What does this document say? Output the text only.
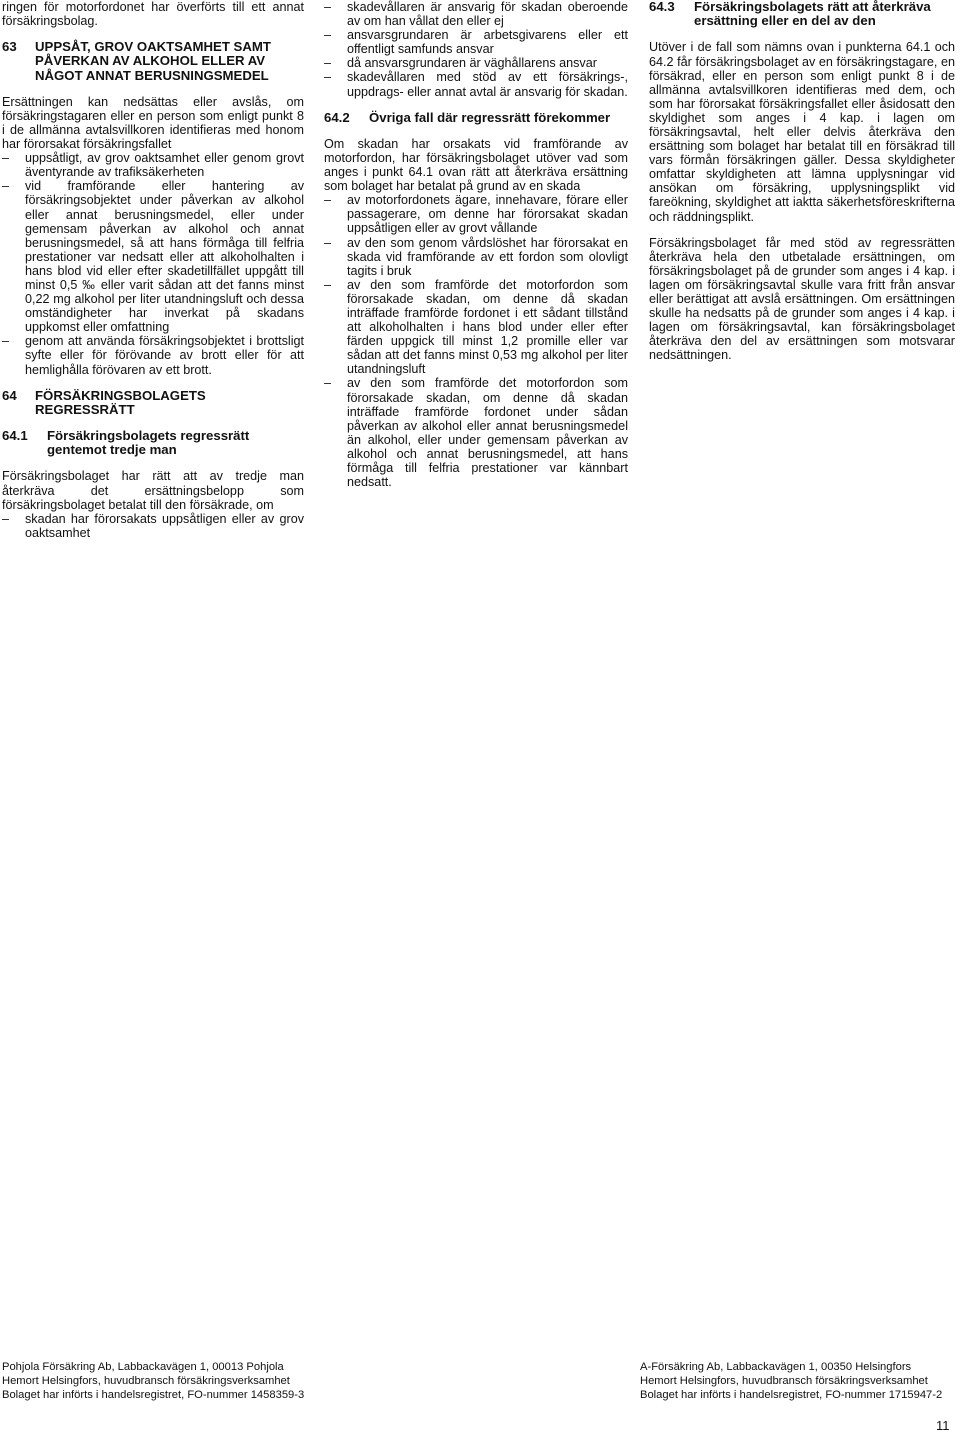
ringen för motorfordonet har överförts till ett annat försäkringsbolag.

63	UPPSÅT, GROV OAKTSAMHET SAMT PÅVERKAN AV ALKOHOL ELLER AV NÅGOT ANNAT BERUSNINGSMEDEL

Ersättningen kan nedsättas eller avslås, om försäkringstagaren eller en person som enligt punkt 8 i de allmänna avtalsvillkoren identifieras med honom har förorsakat försäkringsfallet

– uppsåtligt, av grov oaktsamhet eller genom grovt äventyrande av trafiksäkerheten
– vid framförande eller hantering av försäkringsobjektet under påverkan av alkohol eller annat berusningsmedel, eller under gemensam påverkan av alkohol och annat berusningsmedel, så att hans förmåga till felfria prestationer var nedsatt eller att alkoholhalten i hans blod vid eller efter skadetillfället uppgått till minst 0,5 ‰ eller varit sådan att det fanns minst 0,22 mg alkohol per liter utandningsluft och dessa omständigheter har inverkat på skadans uppkomst eller omfattning
– genom att använda försäkringsobjektet i brottsligt syfte eller för förövande av brott eller för att hemlighålla förövaren av ett brott.
64	FÖRSÄKRINGSBOLAGETS REGRESSRÄTT
64.1	Försäkringsbolagets regressrätt gentemot tredje man

Försäkringsbolaget har rätt att av tredje man återkräva det ersättningsbelopp som försäkringsbolaget betalat till den försäkrade, om

– skadan har förorsakats uppsåtligen eller av grov oaktsamhet
– skadevållaren är ansvarig för skadan oberoende av om han vållat den eller ej
– ansvarsgrundaren är arbetsgivarens eller ett offentligt samfunds ansvar
– då ansvarsgrundaren är väghållarens ansvar
– skadevållaren med stöd av ett försäkrings-, uppdrags- eller annat avtal är ansvarig för skadan.
64.2	Övriga fall där regressrätt förekommer

Om skadan har orsakats vid framförande av motorfordon, har försäkringsbolaget utöver vad som anges i punkt 64.1 ovan rätt att återkräva ersättning som bolaget har betalat på grund av en skada

– av motorfordonets ägare, innehavare, förare eller passagerare, om denne har förorsakat skadan uppsåtligen eller av grovt vållande
– av den som genom vårdslöshet har förorsakat en skada vid framförande av ett fordon som olovligt tagits i bruk
– av den som framförde det motorfordon som förorsakade skadan, om denne då skadan inträffade framförde fordonet i ett sådant tillstånd att alkoholhalten i hans blod under eller efter färden uppgick till minst 1,2 promille eller var sådan att det fanns minst 0,53 mg alkohol per liter utandningsluft
– av den som framförde det motorfordon som förorsakade skadan, om denne då skadan inträffade framförde fordonet under sådan påverkan av alkohol eller annat berusningsmedel än alkohol, eller under gemensam påverkan av alkohol och annat berusningsmedel, att hans förmåga till felfria prestationer var kännbart nedsatt.
64.3	Försäkringsbolagets rätt att återkräva ersättning eller en del av den

Utöver i de fall som nämns ovan i punkterna 64.1 och 64.2 får försäkringsbolaget av en försäkringstagare, en försäkrad, eller en person som enligt punkt 8 i de allmänna avtalsvillkoren identifieras med dem, och som har förorsakat försäkringsfallet eller åsidosatt den skyldighet som anges i 4 kap. i lagen om försäkringsavtal, helt eller delvis återkräva den ersättning som bolaget har betalat till en försäkrad till vars förmån försäkringen gäller. Dessa skyldigheter omfattar skyldigheten att lämna upplysningar vid ansökan om försäkring, upplysningsplikt vid fareökning, skyldighet att iaktta säkerhetsföreskrifterna och räddningsplikt.

Försäkringsbolaget får med stöd av regressrätten återkräva hela den utbetalade ersättningen, om försäkringsbolaget på de grunder som anges i 4 kap. i lagen om försäkringsavtal skulle vara fritt från ansvar eller berättigat att avslå ersättningen. Om ersättningen skulle ha nedsatts på de grunder som anges i 4 kap. i lagen om försäkringsavtal, kan försäkringsbolaget återkräva den del av ersättningen som motsvarar nedsättningen.

Pohjola Försäkring Ab, Labbackavägen 1, 00013 Pohjola
Hemort Helsingfors, huvudbransch försäkringsverksamhet
Bolaget har införts i handelsregistret, FO-nummer 1458359-3
A-Försäkring Ab, Labbackavägen 1, 00350 Helsingfors
Hemort Helsingfors, huvudbransch försäkringsverksamhet
Bolaget har införts i handelsregistret, FO-nummer 1715947-2
11
